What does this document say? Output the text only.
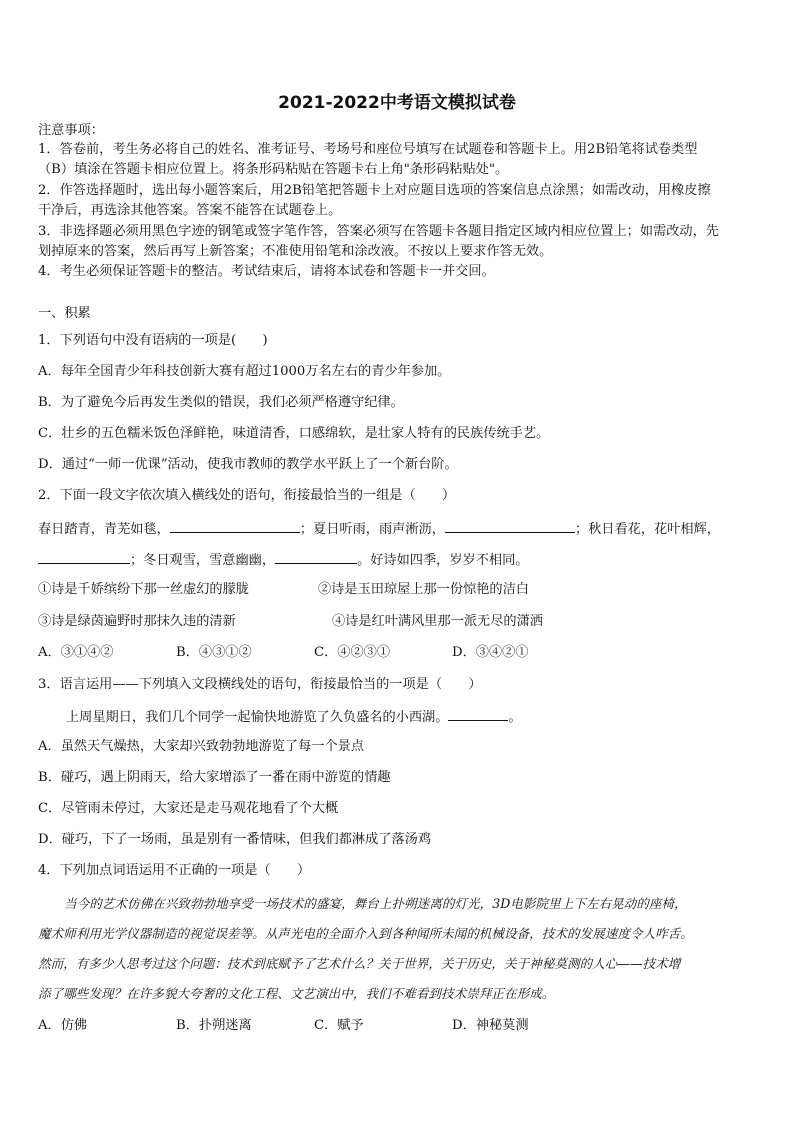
2021-2022中考语文模拟试卷
注意事项：
1．答卷前，考生务必将自己的姓名、准考证号、考场号和座位号填写在试题卷和答题卡上。用2B铅笔将试卷类型
（B）填涂在答题卡相应位置上。将条形码粘贴在答题卡右上角"条形码粘贴处"。
2．作答选择题时，选出每小题答案后，用2B铅笔把答题卡上对应题目选项的答案信息点涂黑；如需改动，用橡皮擦
干净后，再选涂其他答案。答案不能答在试题卷上。
3．非选择题必须用黑色字迹的钢笔或签字笔作答，答案必须写在答题卡各题目指定区域内相应位置上；如需改动，先
划掉原来的答案，然后再写上新答案；不准使用铅笔和涂改液。不按以上要求作答无效。
4．考生必须保证答题卡的整洁。考试结束后，请将本试卷和答题卡一并交回。
一、积累
1．下列语句中没有语病的一项是(　　)
A．每年全国青少年科技创新大赛有超过1000万名左右的青少年参加。
B．为了避免今后再发生类似的错误，我们必须严格遵守纪律。
C．壮乡的五色糯米饭色泽鲜艳，味道清香，口感绵软，是壮家人特有的民族传统手艺。
D．通过“一师一优课”活动，使我市教师的教学水平跃上了一个新台阶。
2．下面一段文字依次填入横线处的语句，衔接最恰当的一组是（　　）
春日踏青，青芜如毯，	；夏日听雨，雨声淅沥，	；秋日看花，花叶相辉，
；冬日观雪，雪意幽幽，	。好诗如四季，岁岁不相同。
①诗是千娇缤纷下那一丝虚幻的朦胧	②诗是玉田琼屋上那一份惊艳的洁白
③诗是绿茵遍野时那抹久违的清新	④诗是红叶满风里那一派无尽的潇洒
A．③①④②	B．④③①②	C．④②③①	D．③④②①
3．语言运用——下列填入文段横线处的语句，衔接最恰当的一项是（　　）
上周星期日，我们几个同学一起愉快地游览了久负盛名的小西湖。	。
A．虽然天气燥热，大家却兴致勃勃地游览了每一个景点
B．碰巧，遇上阴雨天，给大家增添了一番在雨中游览的情趣
C．尽管雨未停过，大家还是走马观花地看了个大概
D．碰巧，下了一场雨，虽是别有一番情味，但我们都淋成了落汤鸡
4．下列加点词语运用不正确的一项是（　　）
当今的艺术仿佛在兴致勃勃地享受一场技术的盛宴，舞台上扑朔迷离的灯光，3D电影院里上下左右晃动的座椅，
魔术师利用光学仪器制造的视觉误差等。从声光电的全面介入到各种闻所未闻的机械设备，技术的发展速度令人咋舌。
然而，有多少人思考过这个问题：技术到底赋予了艺术什么？关于世界，关于历史，关于神秘莫测的人心——技术增
添了哪些发现？在许多貌大夸奢的文化工程、文艺演出中，我们不难看到技术崇拜正在形成。
A．仿佛	B．扑朔迷离	C．赋予	D．神秘莫测
